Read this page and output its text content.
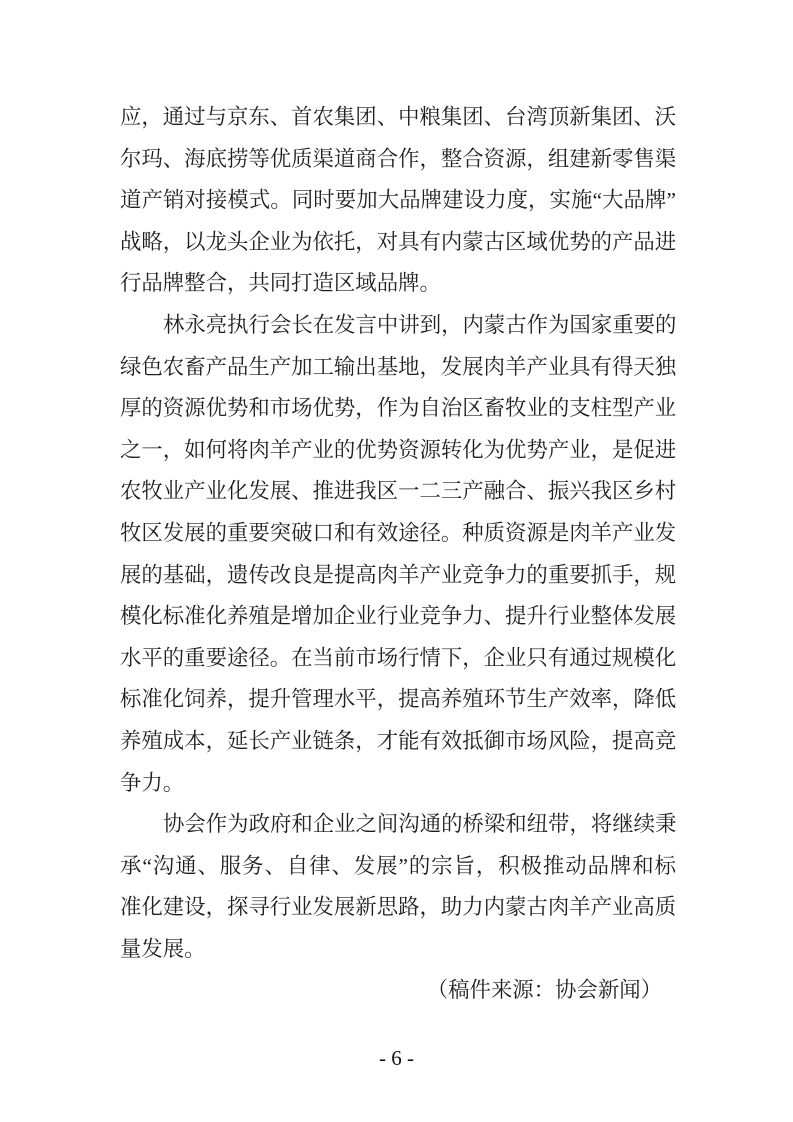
应，通过与京东、首农集团、中粮集团、台湾顶新集团、沃
尔玛、海底捞等优质渠道商合作，整合资源，组建新零售渠
道产销对接模式。同时要加大品牌建设力度，实施“大品牌”
战略，以龙头企业为依托，对具有内蒙古区域优势的产品进
行品牌整合，共同打造区域品牌。
林永亮执行会长在发言中讲到，内蒙古作为国家重要的
绿色农畜产品生产加工输出基地，发展肉羊产业具有得天独
厚的资源优势和市场优势，作为自治区畜牧业的支柱型产业
之一，如何将肉羊产业的优势资源转化为优势产业，是促进
农牧业产业化发展、推进我区一二三产融合、振兴我区乡村
牧区发展的重要突破口和有效途径。种质资源是肉羊产业发
展的基础，遗传改良是提高肉羊产业竞争力的重要抓手，规
模化标准化养殖是增加企业行业竞争力、提升行业整体发展
水平的重要途径。在当前市场行情下，企业只有通过规模化
标准化饲养，提升管理水平，提高养殖环节生产效率，降低
养殖成本，延长产业链条，才能有效抵御市场风险，提高竞
争力。
协会作为政府和企业之间沟通的桥梁和纽带，将继续秉
承“沟通、服务、自律、发展”的宗旨，积极推动品牌和标
准化建设，探寻行业发展新思路，助力内蒙古肉羊产业高质
量发展。
（稿件来源：协会新闻）
- 6 -
